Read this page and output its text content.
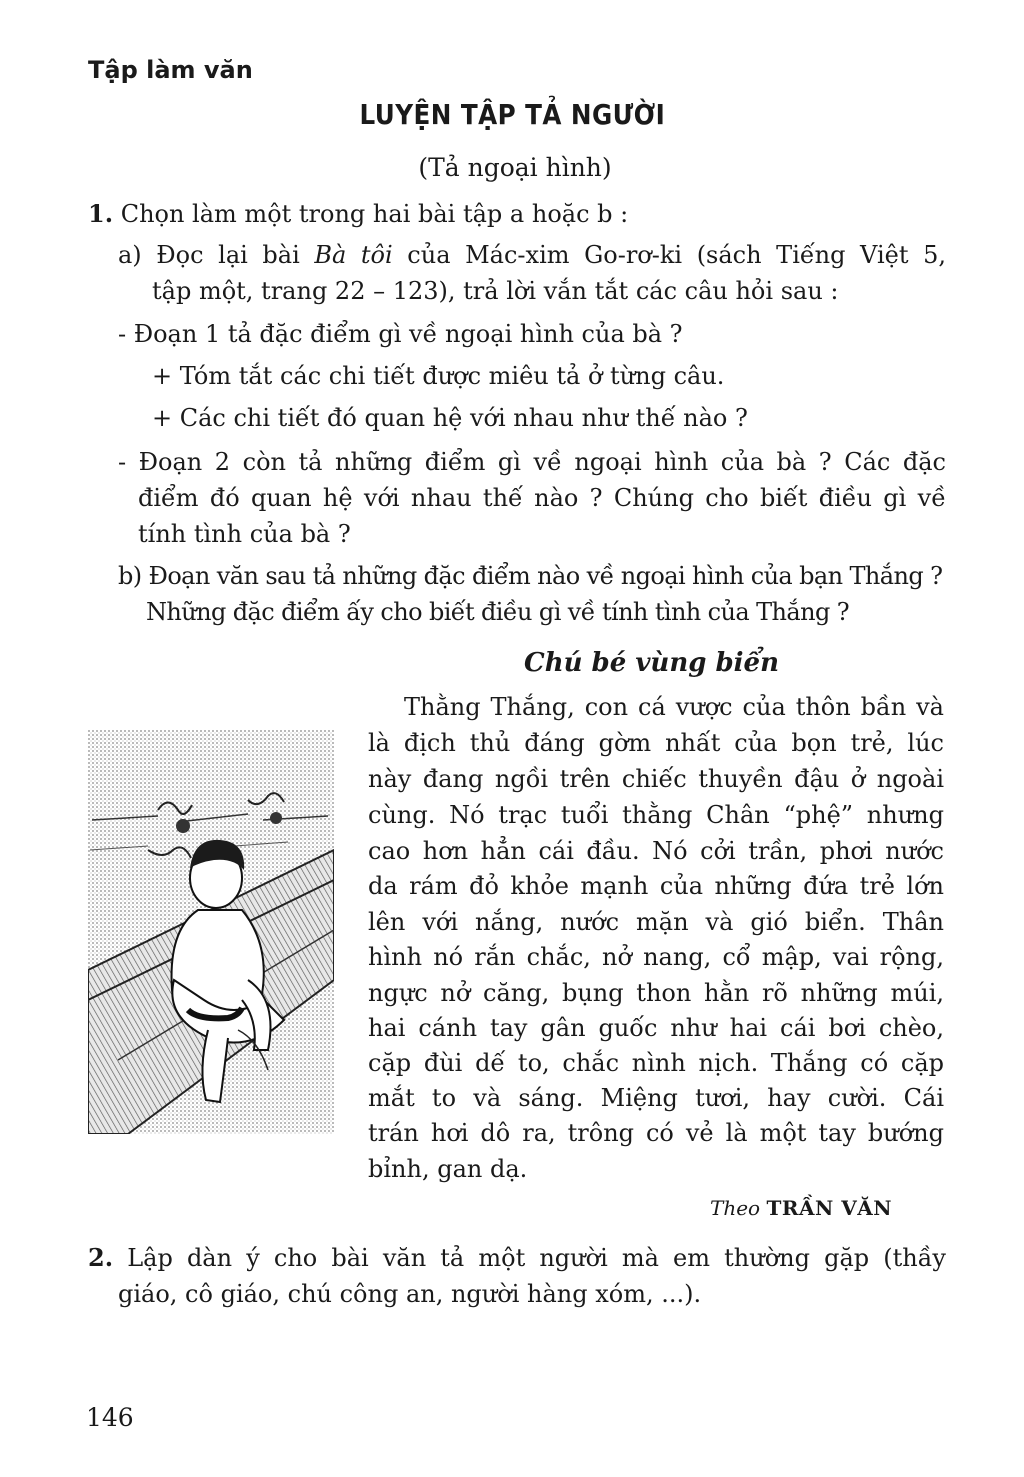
Tập làm văn
LUYỆN TẬP TẢ NGƯỜI
(Tả ngoại hình)
1. Chọn làm một trong hai bài tập a hoặc b :
a) Đọc lại bài Bà tôi của Mác-xim Go-rơ-ki (sách Tiếng Việt 5,
tập một, trang 22 – 123), trả lời vắn tắt các câu hỏi sau :
- Đoạn 1 tả đặc điểm gì về ngoại hình của bà ?
+ Tóm tắt các chi tiết được miêu tả ở từng câu.
+ Các chi tiết đó quan hệ với nhau như thế nào ?
- Đoạn 2 còn tả những điểm gì về ngoại hình của bà ? Các đặc
điểm đó quan hệ với nhau thế nào ? Chúng cho biết điều gì về
tính tình của bà ?
b) Đoạn văn sau tả những đặc điểm nào về ngoại hình của bạn Thắng ?
Những đặc điểm ấy cho biết điều gì về tính tình của Thắng ?
Chú bé vùng biển
Thằng Thắng, con cá vược của thôn bần và
là địch thủ đáng gờm nhất của bọn trẻ, lúc
này đang ngồi trên chiếc thuyền đậu ở ngoài
cùng. Nó trạc tuổi thằng Chân “phệ” nhưng
cao hơn hẳn cái đầu. Nó cởi trần, phơi nước
da rám đỏ khỏe mạnh của những đứa trẻ lớn
lên với nắng, nước mặn và gió biển. Thân
hình nó rắn chắc, nở nang, cổ mập, vai rộng,
ngực nở căng, bụng thon hằn rõ những múi,
hai cánh tay gân guốc như hai cái bơi chèo,
cặp đùi dế to, chắc nình nịch. Thắng có cặp
mắt to và sáng. Miệng tươi, hay cười. Cái
trán hơi dô ra, trông có vẻ là một tay bướng
bỉnh, gan dạ.
Theo TRẦN VĂN
2. Lập dàn ý cho bài văn tả một người mà em thường gặp (thầy
giáo, cô giáo, chú công an, người hàng xóm, ...).
146
